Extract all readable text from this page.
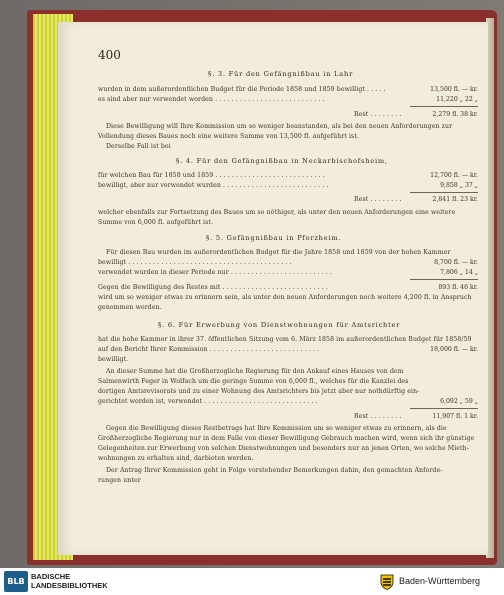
400
§. 3. Für den Gefängnißbau in Lahr
wurden in dem außerordentlichen Budget für die Periode 1858 und 1859 bewilligt . . . . .	13,500 fl. — kr.
es sind aber nur verwendet worden . . . . . . . . . . . . . . . . . . . . . . . . . . .	11,220 „ 22 „
Rest . . . . . . . .	2,279 fl. 38 kr.
Diese Bewilligung will Ihre Kommission um so weniger beanstanden, als bei den neuen Anforderungen zur
Vollendung dieses Baues noch eine weitere Summe von 13,500 fl. aufgeführt ist.
Derselbe Fall ist bei
§. 4. Für den Gefängnißbau in Neckarbischofsheim,
für welchen Bau für 1858 und 1859 . . . . . . . . . . . . . . . . . . . . . . . . . . .	12,700 fl. — kr.
bewilligt, aber nur verwendet wurden . . . . . . . . . . . . . . . . . . . . . . . . . .	9,858 „ 37 „
Rest . . . . . . . .	2,841 fl. 23 kr.
welcher ebenfalls zur Fortsetzung des Baues um so nöthiger, als unter den neuen Anforderungen eine weitere
Summe von 6,000 fl. aufgeführt ist.
§. 5. Gefängnißbau in Pforzheim.
Für diesen Bau wurden im außerordentlichen Budget für die Jahre 1858 und 1859 von der hohen Kammer
bewilligt . . . . . . . . . . . . . . . . . . . . . . . . . . . . . . . . . . . . . . . .	8,700 fl. — kr.
verwendet wurden in dieser Periode nur . . . . . . . . . . . . . . . . . . . . . . . . .	7,806 „ 14 „
Gegen die Bewilligung des Restes mit . . . . . . . . . . . . . . . . . . . . . . . . . .	893 fl. 46 kr.
wird um so weniger etwas zu erinnern sein, als unter den neuen Anforderungen noch weitere 4,200 fl. in Anspruch
genommen werden.
§. 6. Für Erwerbung von Dienstwohnungen für Amtsrichter
hat die hohe Kammer in ihrer 37. öffentlichen Sitzung vom 6. März 1858 im außerordentlichen Budget für 1858/59
auf den Bericht Ihrer Kommission . . . . . . . . . . . . . . . . . . . . . . . . . . .	18,000 fl. — kr.
bewilligt.
An dieser Summe hat die Großherzogliche Regierung für den Ankauf eines Hauses von dem
Salmenwirth Feger in Wolfach um die geringe Summe von 6,000 fl., welches für die Kanzlei des
dortigen Amtsrevisorats und zu einer Wohnung des Amtsrichters bis jetzt aber nur nothdürftig ein-
gerichtet worden ist, verwendet . . . . . . . . . . . . . . . . . . . . . . . . . . . .	6,092 „ 59 „
Rest . . . . . . . .	11,907 fl. 1 kr.
Gegen die Bewilligung dieses Restbetrags hat Ihre Kommission um so weniger etwas zu erinnern, als die
Großherzogliche Regierung nur in dem Falle von dieser Bewilligung Gebrauch machen wird, wenn sich ihr günstige
Gelegenheiten zur Erwerbung von solchen Dienstwohnungen und besonders nur an jenen Orten, wo solche Mieth-
wohnungen zu erhalten sind, darbieten werden.
Der Antrag Ihrer Kommission geht in Folge vorstehender Bemerkungen dahin, den gemachten Anforde-
rungen unter
BLB
BADISCHE
LANDESBIBLIOTHEK	Baden-Württemberg
